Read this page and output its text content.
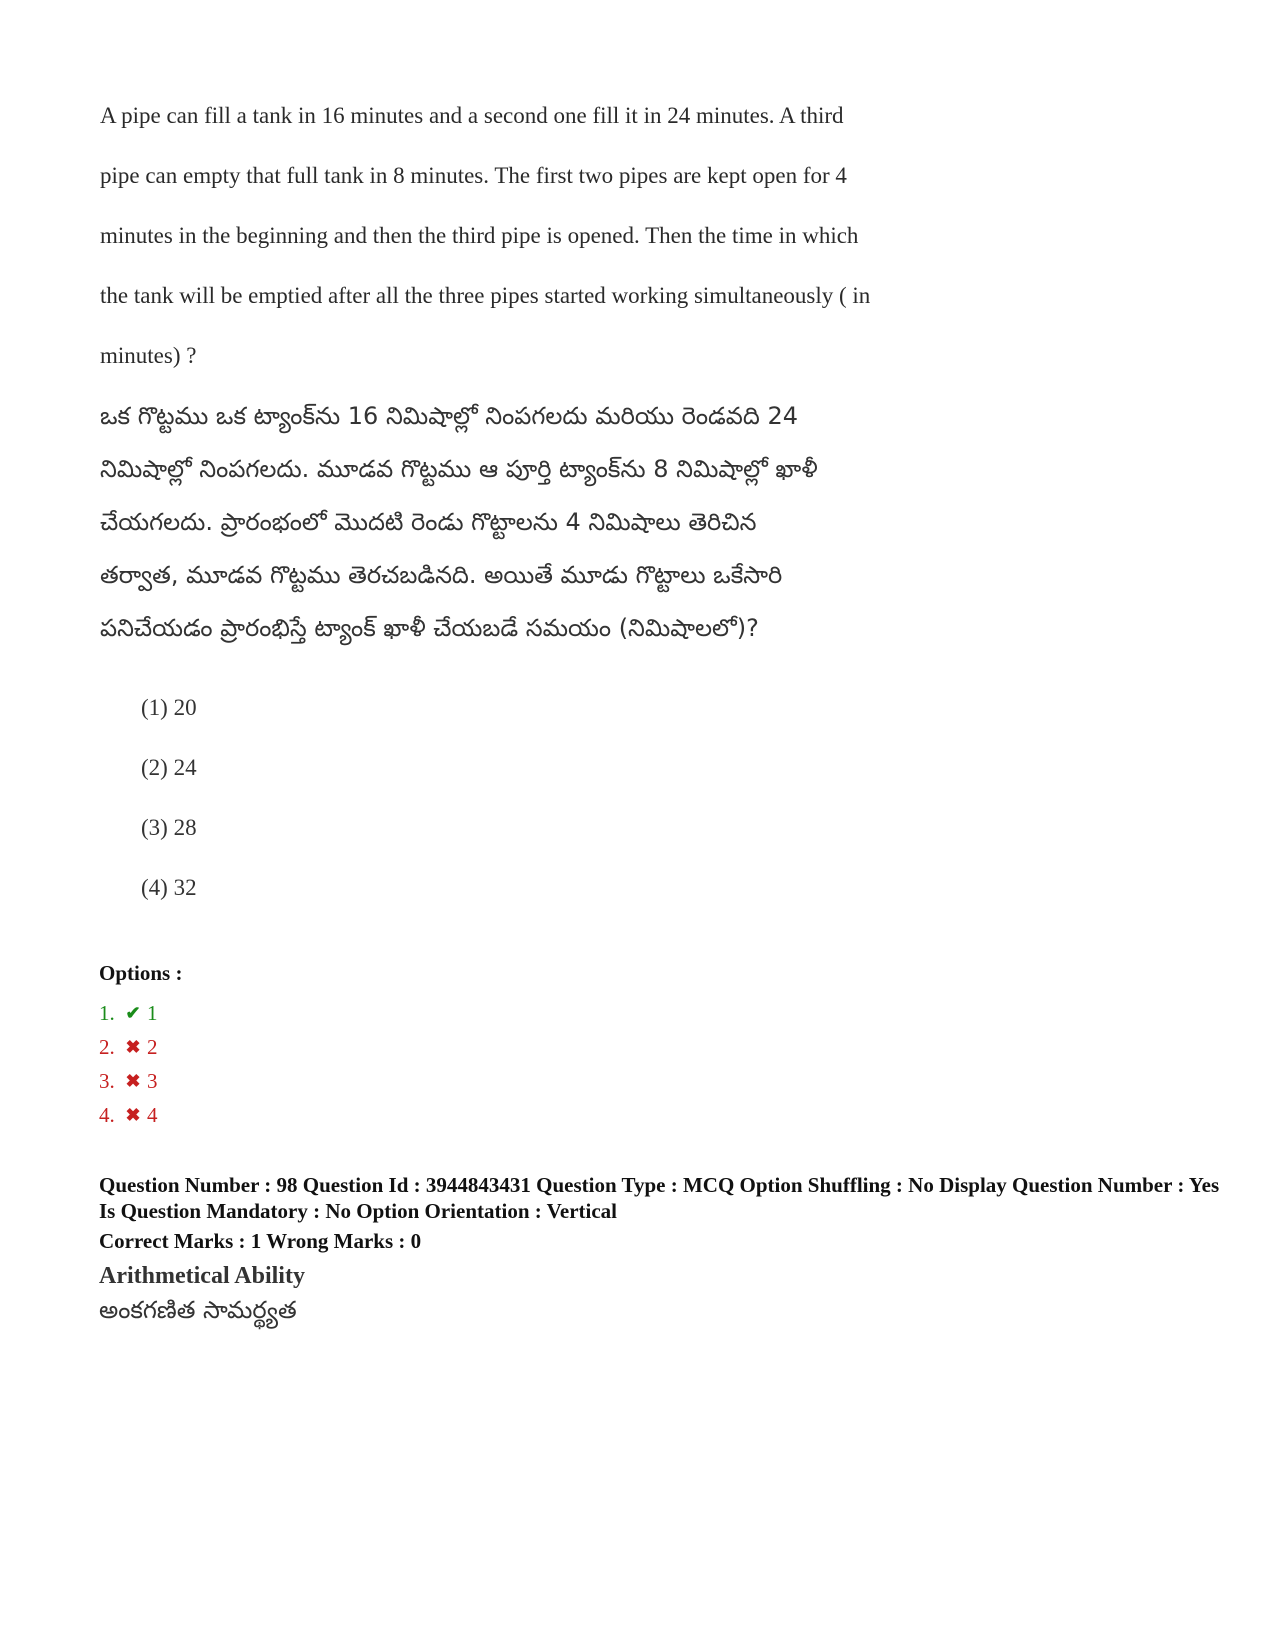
A pipe can fill a tank in 16 minutes and a second one fill it in 24 minutes. A third
pipe can empty that full tank in 8 minutes. The first two pipes are kept open for 4
minutes in the beginning and then the third pipe is opened. Then the time in which
the tank will be emptied after all the three pipes started working simultaneously ( in
minutes) ?
ఒక గొట్టము ఒక ట్యాంక్‌ను 16 నిమిషాల్లో నింపగలదు మరియు రెండవది 24
నిమిషాల్లో నింపగలదు. మూడవ గొట్టము ఆ పూర్తి ట్యాంక్‌ను 8 నిమిషాల్లో ఖాళీ
చేయగలదు. ప్రారంభంలో మొదటి రెండు గొట్టాలను 4 నిమిషాలు తెరిచిన
తర్వాత, మూడవ గొట్టము తెరచబడినది. అయితే మూడు గొట్టాలు ఒకేసారి
పనిచేయడం ప్రారంభిస్తే ట్యాంక్ ఖాళీ చేయబడే సమయం (నిమిషాలలో)?
(1) 20
(2) 24
(3) 28
(4) 32
Options :
1. ✔ 1
2. ✖ 2
3. ✖ 3
4. ✖ 4
Question Number : 98 Question Id : 3944843431 Question Type : MCQ Option Shuffling : No Display Question Number : Yes Is Question Mandatory : No Option Orientation : Vertical
Correct Marks : 1 Wrong Marks : 0
Arithmetical Ability
అంకగణిత సామర్థ్యత
